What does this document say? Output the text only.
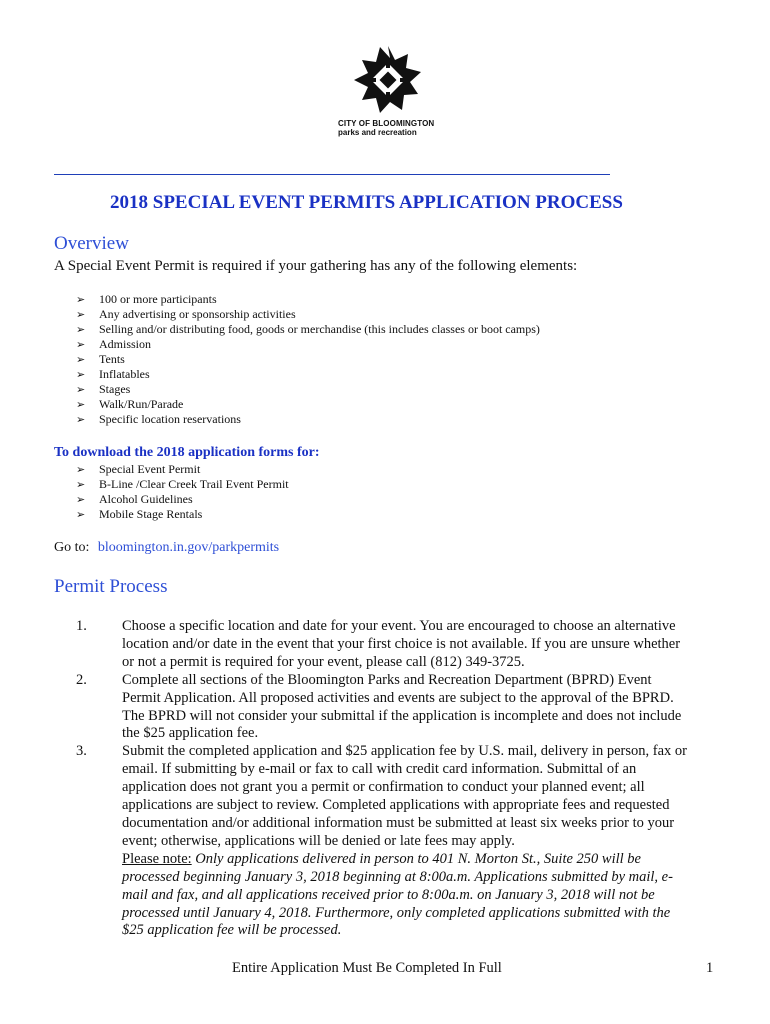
CITY OF BLOOMINGTON
parks and recreation
2018 SPECIAL EVENT PERMITS APPLICATION PROCESS
Overview
A Special Event Permit is required if your gathering has any of the following elements:
➢ 100 or more participants
➢ Any advertising or sponsorship activities
➢ Selling and/or distributing food, goods or merchandise (this includes classes or boot camps)
➢ Admission
➢ Tents
➢ Inflatables
➢ Stages
➢ Walk/Run/Parade
➢ Specific location reservations
To download the 2018 application forms for:
➢ Special Event Permit
➢ B-Line /Clear Creek Trail Event Permit
➢ Alcohol Guidelines
➢ Mobile Stage Rentals
Go to: bloomington.in.gov/parkpermits
Permit Process
1. Choose a specific location and date for your event. You are encouraged to choose an alternative
location and/or date in the event that your first choice is not available. If you are unsure whether
or not a permit is required for your event, please call (812) 349-3725.
2. Complete all sections of the Bloomington Parks and Recreation Department (BPRD) Event
Permit Application. All proposed activities and events are subject to the approval of the BPRD.
The BPRD will not consider your submittal if the application is incomplete and does not include
the $25 application fee.
3. Submit the completed application and $25 application fee by U.S. mail, delivery in person, fax or
email. If submitting by e-mail or fax to call with credit card information. Submittal of an
application does not grant you a permit or confirmation to conduct your planned event; all
applications are subject to review. Completed applications with appropriate fees and requested
documentation and/or additional information must be submitted at least six weeks prior to your
event; otherwise, applications will be denied or late fees may apply.
Please note: Only applications delivered in person to 401 N. Morton St., Suite 250 will be
processed beginning January 3, 2018 beginning at 8:00a.m. Applications submitted by mail, e-
mail and fax, and all applications received prior to 8:00a.m. on January 3, 2018 will not be
processed until January 4, 2018. Furthermore, only completed applications submitted with the
$25 application fee will be processed.
Entire Application Must Be Completed In Full	1
